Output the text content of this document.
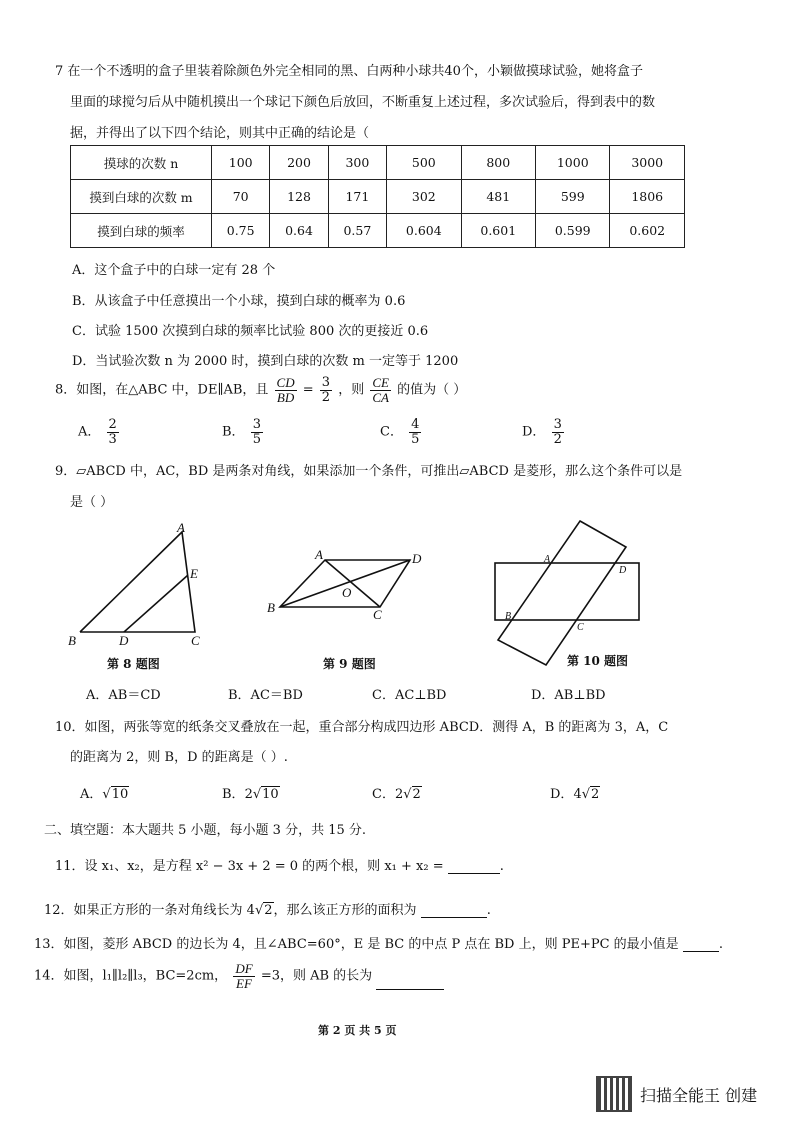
7 在一个不透明的盒子里装着除颜色外完全相同的黑、白两种小球共40个，小颖做摸球试验，她将盒子
里面的球搅匀后从中随机摸出一个球记下颜色后放回，不断重复上述过程，多次试验后，得到表中的数
据，并得出了以下四个结论，则其中正确的结论是（
摸球的次数 n	100	200	300	500	800	1000	3000
摸到白球的次数 m	70	128	171	302	481	599	1806
摸到白球的频率	0.75	0.64	0.57	0.604	0.601	0.599	0.602
A．这个盒子中的白球一定有 28 个
B．从该盒子中任意摸出一个小球，摸到白球的概率为 0.6
C．试验 1500 次摸到白球的频率比试验 800 次的更接近 0.6
D．当试验次数 n 为 2000 时，摸到白球的次数 m 一定等于 1200
8．如图，在△ABC 中，DE∥AB，且 $\frac{CD}{BD} = \frac{3}{2}$ ，则 $\frac{CE}{CA}$ 的值为（ ）
A． $\frac{2}{3}$	B． $\frac{3}{5}$	C． $\frac{4}{5}$	D． $\frac{3}{2}$
9．▱ABCD 中，AC，BD 是两条对角线，如果添加一个条件，可推出▱ABCD 是菱形，那么这个条件可以是
是（ ）
A
E
B	D	C
第 8 题图
A	D
B	C
O
第 9 题图
A
D
B
C
第 10 题图
A．AB＝CD	B．AC＝BD	C．AC⊥BD	D．AB⊥BD
10．如图，两张等宽的纸条交叉叠放在一起，重合部分构成四边形 ABCD．测得 A，B 的距离为 3，A，C
的距离为 2，则 B，D 的距离是（ ）.
A．√10	B．2√10	C．2√2	D．4√2
二、填空题：本大题共 5 小题，每小题 3 分，共 15 分.
11．设 x₁、x₂，是方程 x² − 3x + 2 = 0 的两个根，则 x₁ + x₂ =	.
12．如果正方形的一条对角线长为 4√2，那么该正方形的面积为	.
13．如图，菱形 ABCD 的边长为 4，且∠ABC=60°，E 是 BC 的中点 P 点在 BD 上，则 PE+PC 的最小值是	.
14．如图，l₁∥l₂∥l₃，BC=2cm， $\frac{DF}{EF} =3$，则 AB 的长为
第 2 页 共 5 页
扫描全能王 创建
